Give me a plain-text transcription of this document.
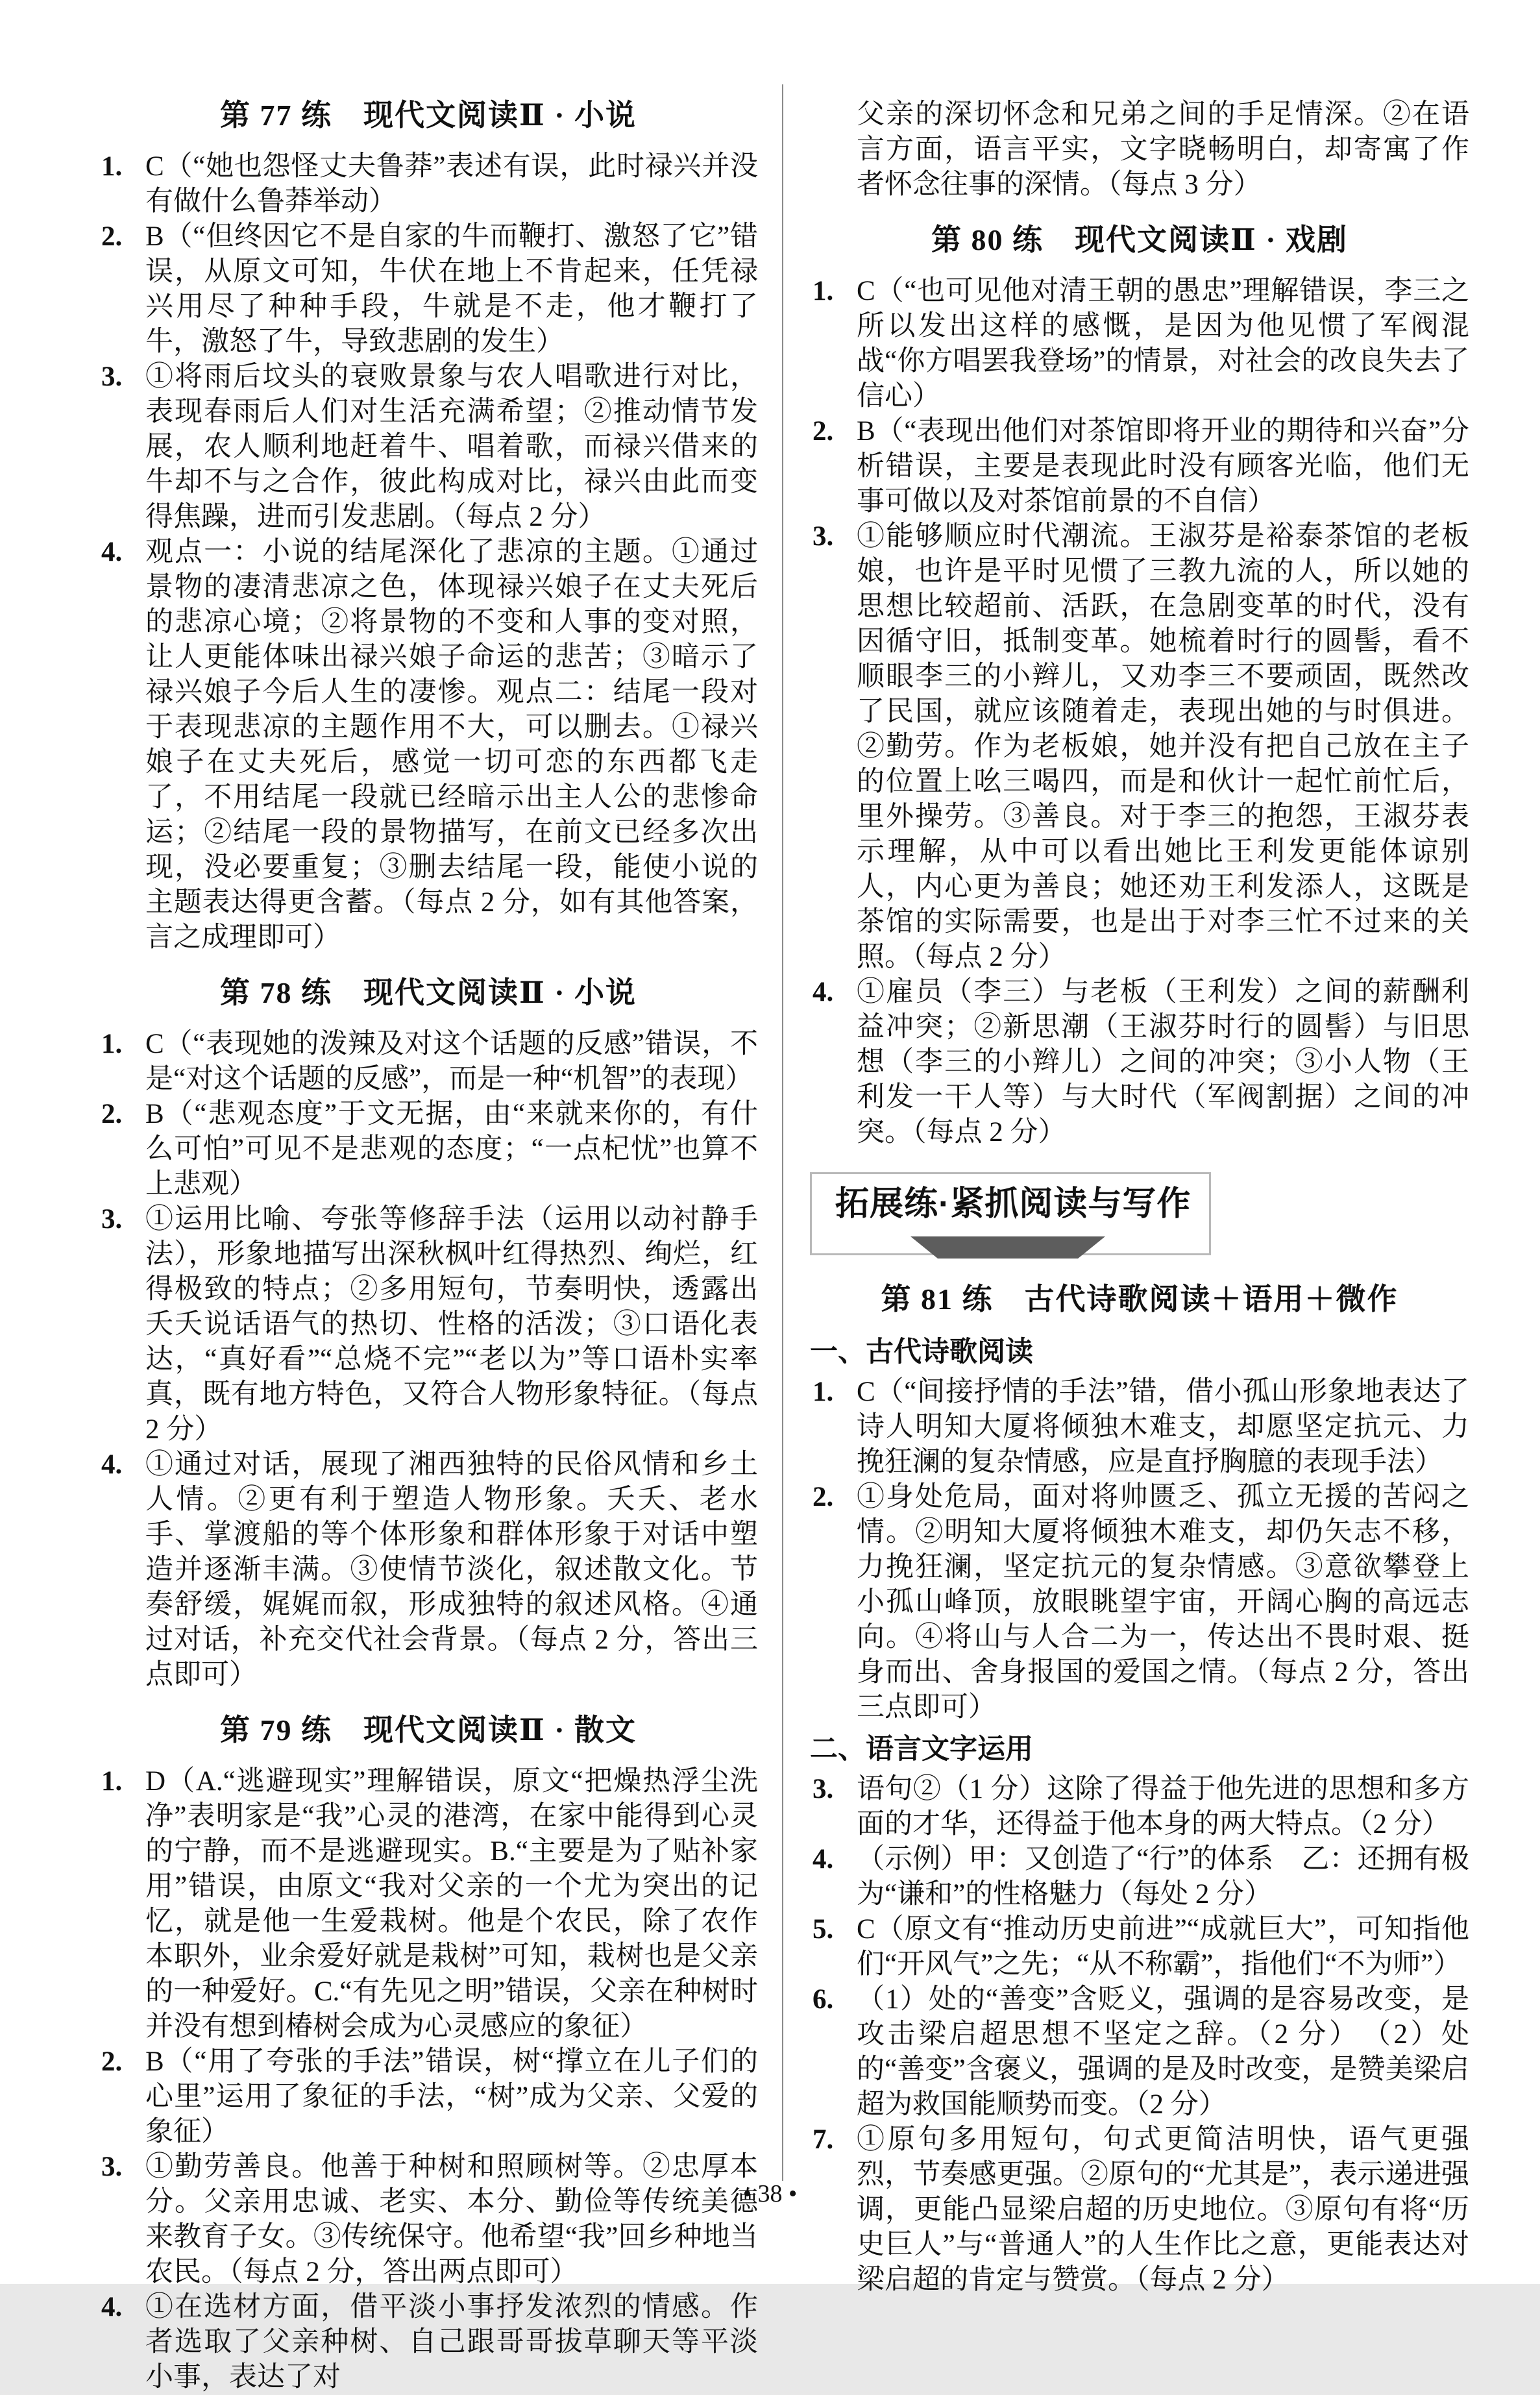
第 77 练　现代文阅读Ⅱ · 小说
1. C（“她也怨怪丈夫鲁莽”表述有误，此时禄兴并没有做什么鲁莽举动）
2. B（“但终因它不是自家的牛而鞭打、激怒了它”错误，从原文可知，牛伏在地上不肯起来，任凭禄兴用尽了种种手段，牛就是不走，他才鞭打了牛，激怒了牛，导致悲剧的发生）
3. ①将雨后坟头的衰败景象与农人唱歌进行对比，表现春雨后人们对生活充满希望；②推动情节发展，农人顺利地赶着牛、唱着歌，而禄兴借来的牛却不与之合作，彼此构成对比，禄兴由此而变得焦躁，进而引发悲剧。（每点 2 分）
4. 观点一：小说的结尾深化了悲凉的主题。①通过景物的凄清悲凉之色，体现禄兴娘子在丈夫死后的悲凉心境；②将景物的不变和人事的变对照，让人更能体味出禄兴娘子命运的悲苦；③暗示了禄兴娘子今后人生的凄惨。观点二：结尾一段对于表现悲凉的主题作用不大，可以删去。①禄兴娘子在丈夫死后，感觉一切可恋的东西都飞走了，不用结尾一段就已经暗示出主人公的悲惨命运；②结尾一段的景物描写，在前文已经多次出现，没必要重复；③删去结尾一段，能使小说的主题表达得更含蓄。（每点 2 分，如有其他答案，言之成理即可）
第 78 练　现代文阅读Ⅱ · 小说
1. C（“表现她的泼辣及对这个话题的反感”错误，不是“对这个话题的反感”，而是一种“机智”的表现）
2. B（“悲观态度”于文无据，由“来就来你的，有什么可怕”可见不是悲观的态度；“一点杞忧”也算不上悲观）
3. ①运用比喻、夸张等修辞手法（运用以动衬静手法），形象地描写出深秋枫叶红得热烈、绚烂，红得极致的特点；②多用短句，节奏明快，透露出夭夭说话语气的热切、性格的活泼；③口语化表达，“真好看”“总烧不完”“老以为”等口语朴实率真，既有地方特色，又符合人物形象特征。（每点 2 分）
4. ①通过对话，展现了湘西独特的民俗风情和乡土人情。②更有利于塑造人物形象。夭夭、老水手、掌渡船的等个体形象和群体形象于对话中塑造并逐渐丰满。③使情节淡化，叙述散文化。节奏舒缓，娓娓而叙，形成独特的叙述风格。④通过对话，补充交代社会背景。（每点 2 分，答出三点即可）
第 79 练　现代文阅读Ⅱ · 散文
1. D（A.“逃避现实”理解错误，原文“把燥热浮尘洗净”表明家是“我”心灵的港湾，在家中能得到心灵的宁静，而不是逃避现实。B.“主要是为了贴补家用”错误，由原文“我对父亲的一个尤为突出的记忆，就是他一生爱栽树。他是个农民，除了农作本职外，业余爱好就是栽树”可知，栽树也是父亲的一种爱好。C.“有先见之明”错误，父亲在种树时并没有想到椿树会成为心灵感应的象征）
2. B（“用了夸张的手法”错误，树“撑立在儿子们的心里”运用了象征的手法，“树”成为父亲、父爱的象征）
3. ①勤劳善良。他善于种树和照顾树等。②忠厚本分。父亲用忠诚、老实、本分、勤俭等传统美德来教育子女。③传统保守。他希望“我”回乡种地当农民。（每点 2 分，答出两点即可）
4. ①在选材方面，借平淡小事抒发浓烈的情感。作者选取了父亲种树、自己跟哥哥拔草聊天等平淡小事，表达了对
父亲的深切怀念和兄弟之间的手足情深。②在语言方面，语言平实，文字晓畅明白，却寄寓了作者怀念往事的深情。（每点 3 分）
第 80 练　现代文阅读Ⅱ · 戏剧
1. C（“也可见他对清王朝的愚忠”理解错误，李三之所以发出这样的感慨，是因为他见惯了军阀混战“你方唱罢我登场”的情景，对社会的改良失去了信心）
2. B（“表现出他们对茶馆即将开业的期待和兴奋”分析错误，主要是表现此时没有顾客光临，他们无事可做以及对茶馆前景的不自信）
3. ①能够顺应时代潮流。王淑芬是裕泰茶馆的老板娘，也许是平时见惯了三教九流的人，所以她的思想比较超前、活跃，在急剧变革的时代，没有因循守旧，抵制变革。她梳着时行的圆髻，看不顺眼李三的小辫儿，又劝李三不要顽固，既然改了民国，就应该随着走，表现出她的与时俱进。②勤劳。作为老板娘，她并没有把自己放在主子的位置上吆三喝四，而是和伙计一起忙前忙后，里外操劳。③善良。对于李三的抱怨，王淑芬表示理解，从中可以看出她比王利发更能体谅别人，内心更为善良；她还劝王利发添人，这既是茶馆的实际需要，也是出于对李三忙不过来的关照。（每点 2 分）
4. ①雇员（李三）与老板（王利发）之间的薪酬利益冲突；②新思潮（王淑芬时行的圆髻）与旧思想（李三的小辫儿）之间的冲突；③小人物（王利发一干人等）与大时代（军阀割据）之间的冲突。（每点 2 分）
拓展练·紧抓阅读与写作
第 81 练　古代诗歌阅读＋语用＋微作
一、古代诗歌阅读
1. C（“间接抒情的手法”错，借小孤山形象地表达了诗人明知大厦将倾独木难支，却愿坚定抗元、力挽狂澜的复杂情感，应是直抒胸臆的表现手法）
2. ①身处危局，面对将帅匮乏、孤立无援的苦闷之情。②明知大厦将倾独木难支，却仍矢志不移，力挽狂澜，坚定抗元的复杂情感。③意欲攀登上小孤山峰顶，放眼眺望宇宙，开阔心胸的高远志向。④将山与人合二为一，传达出不畏时艰、挺身而出、舍身报国的爱国之情。（每点 2 分，答出三点即可）
二、语言文字运用
3. 语句②（1 分）这除了得益于他先进的思想和多方面的才华，还得益于他本身的两大特点。（2 分）
4. （示例）甲：又创造了“行”的体系　乙：还拥有极为“谦和”的性格魅力（每处 2 分）
5. C（原文有“推动历史前进”“成就巨大”，可知指他们“开风气”之先；“从不称霸”，指他们“不为师”）
6. （1）处的“善变”含贬义，强调的是容易改变，是攻击梁启超思想不坚定之辞。（2 分）　（2）处的“善变”含褒义，强调的是及时改变，是赞美梁启超为救国能顺势而变。（2 分）
7. ①原句多用短句，句式更简洁明快，语气更强烈，节奏感更强。②原句的“尤其是”，表示递进强调，更能凸显梁启超的历史地位。③原句有将“历史巨人”与“普通人”的人生作比之意，更能表达对梁启超的肯定与赞赏。（每点 2 分）
• 38 •
